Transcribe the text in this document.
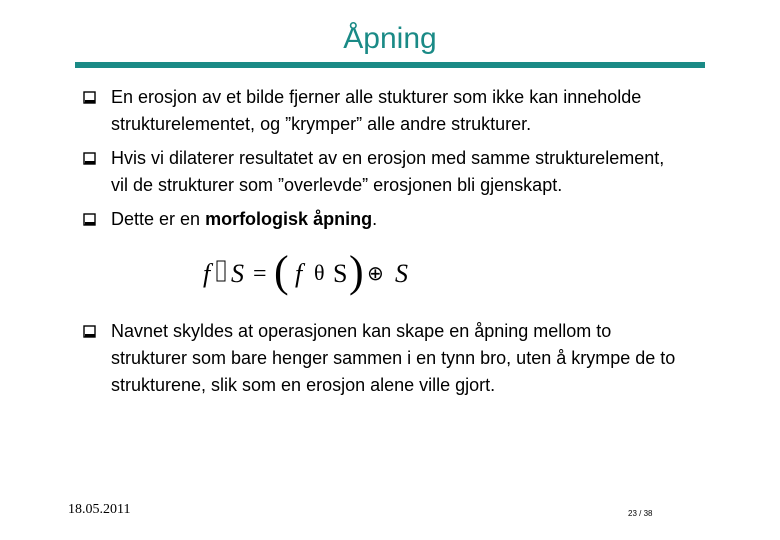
Åpning
En erosjon av et bilde fjerner alle stukturer som ikke kan inneholde strukturelementet, og ”krymper” alle andre strukturer.
Hvis vi dilaterer resultatet av en erosjon med samme strukturelement, vil de strukturer som ”overlevde” erosjonen bli gjenskapt.
Dette er en morfologisk åpning.
f S = ( f θ S ) ⊕ S
Navnet skyldes at operasjonen kan skape en åpning mellom to strukturer som bare henger sammen i en tynn bro, uten å krympe de to strukturene, slik som en erosjon alene ville gjort.
18.05.2011	23 / 38
